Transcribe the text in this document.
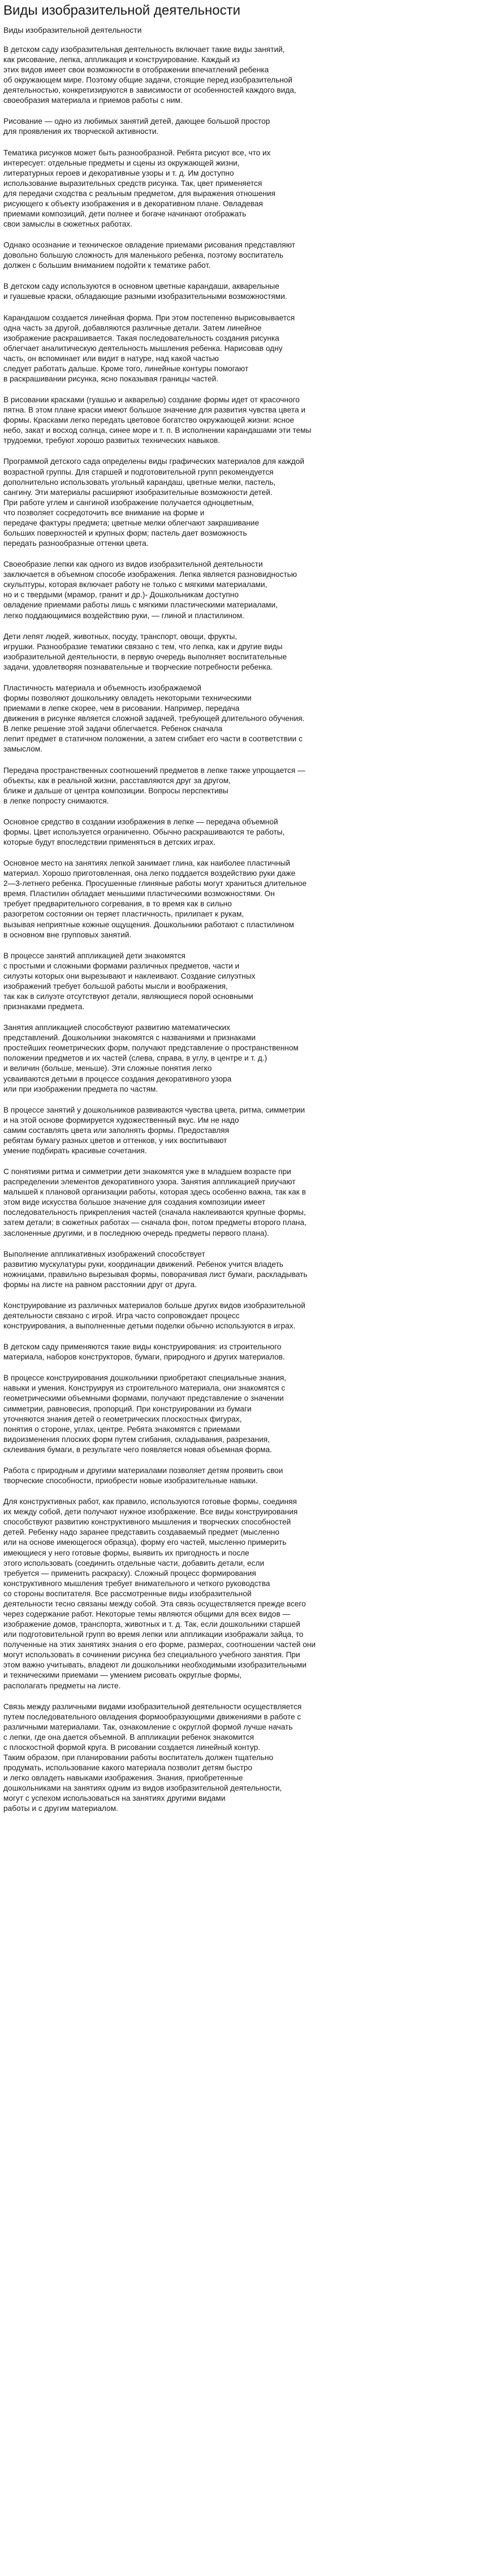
Виды изобразительной деятельности
Виды изобразительной деятельности

В детском саду изобразительная деятельность включает такие виды занятий,
как рисование, лепка, аппликация и конструирование. Каждый из
этих видов имеет свои возможности в отображении впечатлений ребенка
об окружающем мире. Поэтому общие задачи, стоящие перед изобразительной
деятельностью, конкретизируются в зависимости от особенностей каждого вида,
своеобразия материала и приемов работы с ним.

Рисование — одно из любимых занятий детей, дающее большой простор
для проявления их творческой активности.

Тематика рисунков может быть разнообразной. Ребята рисуют все, что их
интересует: отдельные предметы и сцены из окружающей жизни,
литературных героев и декоративные узоры и т. д. Им доступно
использование выразительных средств рисунка. Так, цвет применяется
для передачи сходства с реальным предметом, для выражения отношения
рисующего к объекту изображения и в декоративном плане. Овладевая
приемами композиций, дети полнее и богаче начинают отображать
свои замыслы в сюжетных работах.

Однако осознание и техническое овладение приемами рисования представляют
довольно большую сложность для маленького ребенка, поэтому воспитатель
должен с большим вниманием подойти к тематике работ.

В детском саду используются в основном цветные карандаши, акварельные
и гуашевые краски, обладающие разными изобразительными возможностями.

Карандашом создается линейная форма. При этом постепенно вырисовывается
одна часть за другой, добавляются различные детали. Затем линейное
изображение раскрашивается. Такая последовательность создания рисунка
облегчает аналитическую деятельность мышления ребенка. Нарисовав одну
часть, он вспоминает или видит в натуре, над какой частью
следует работать дальше. Кроме того, линейные контуры помогают
в раскрашивании рисунка, ясно показывая границы частей.

В рисовании красками (гуашью и акварелью) создание формы идет от красочного
пятна. В этом плане краски имеют большое значение для развития чувства цвета и
формы. Красками легко передать цветовое богатство окружающей жизни: ясное
небо, закат и восход солнца, синее море и т. п. В исполнении карандашами эти темы
трудоемки, требуют хорошо развитых технических навыков.

Программой детского сада определены виды графических материалов для каждой
возрастной группы. Для старшей и подготовительной групп рекомендуется
дополнительно использовать угольный карандаш, цветные мелки, пастель,
сангину. Эти материалы расширяют изобразительные возможности детей.
При работе углем и сангиной изображение получается одноцветным,
что позволяет сосредоточить все внимание на форме и
передаче фактуры предмета; цветные мелки облегчают закрашивание
больших поверхностей и крупных форм; пастель дает возможность
передать разнообразные оттенки цвета.

Своеобразие лепки как одного из видов изобразительной деятельности
заключается в объемном способе изображения. Лепка является разновидностью
скульптуры, которая включает работу не только с мягкими материалами,
но и с твердыми (мрамор, гранит и др.)- Дошкольникам доступно
овладение приемами работы лишь с мягкими пластическими материалами,
легко поддающимися воздействию руки, — глиной и пластилином.

Дети лепят людей, животных, посуду, транспорт, овощи, фрукты,
игрушки. Разнообразие тематики связано с тем, что лепка, как и другие виды
изобразительной деятельности, в первую очередь выполняет воспитательные
задачи, удовлетворяя познавательные и творческие потребности ребенка.

Пластичность материала и объемность изображаемой
формы позволяют дошкольнику овладеть некоторыми техническими
приемами в лепке скорее, чем в рисовании. Например, передача
движения в рисунке является сложной задачей, требующей длительного обучения.
В лепке решение этой задачи облегчается. Ребенок сначала
лепит предмет в статичном положении, а затем сгибает его части в соответствии с
замыслом.

Передача пространственных соотношений предметов в лепке также упрощается —
объекты, как в реальной жизни, расставляются друг за другом,
ближе и дальше от центра композиции. Вопросы перспективы
в лепке попросту снимаются.

Основное средство в создании изображения в лепке — передача объемной
формы. Цвет используется ограниченно. Обычно раскрашиваются те работы,
которые будут впоследствии применяться в детских играх.

Основное место на занятиях лепкой занимает глина, как наиболее пластичный
материал. Хорошо приготовленная, она легко поддается воздействию руки даже
2—3-летнего ребенка. Просушенные глиняные работы могут храниться длительное
время. Пластилин обладает меньшими пластическими возможностями. Он
требует предварительного согревания, в то время как в сильно
разогретом состоянии он теряет пластичность, прилипает к рукам,
вызывая неприятные кожные ощущения. Дошкольники работают с пластилином
в основном вне групповых занятий.

В процессе занятий аппликацией дети знакомятся
с простыми и сложными формами различных предметов, части и
силуэты которых они вырезывают и наклеивают. Создание силуэтных
изображений требует большой работы мысли и воображения,
так как в силуэте отсутствуют детали, являющиеся порой основными
признаками предмета.

Занятия аппликацией способствуют развитию математических
представлений. Дошкольники знакомятся с названиями и признаками
простейших геометрических форм, получают представление о пространственном
положении предметов и их частей (слева, справа, в углу, в центре и т. д.)
и величин (больше, меньше). Эти сложные понятия легко
усваиваются детьми в процессе создания декоративного узора
или при изображении предмета по частям.

В процессе занятий у дошкольников развиваются чувства цвета, ритма, симметрии
и на этой основе формируется художественный вкус. Им не надо
самим составлять цвета или заполнять формы. Предоставляя
ребятам бумагу разных цветов и оттенков, у них воспитывают
умение подбирать красивые сочетания.

С понятиями ритма и симметрии дети знакомятся уже в младшем возрасте при
распределении элементов декоративного узора. Занятия аппликацией приучают
малышей к плановой организации работы, которая здесь особенно важна, так как в
этом виде искусства большое значение для создания композиции имеет
последовательность прикрепления частей (сначала наклеиваются крупные формы,
затем детали; в сюжетных работах — сначала фон, потом предметы второго плана,
заслоненные другими, и в последнюю очередь предметы первого плана).

Выполнение аппликативных изображений способствует
развитию мускулатуры руки, координации движений. Ребенок учится владеть
ножницами, правильно вырезывая формы, поворачивая лист бумаги, раскладывать
формы на листе на равном расстоянии друг от друга.

Конструирование из различных материалов больше других видов изобразительной
деятельности связано с игрой. Игра часто сопровождает процесс
конструирования, а выполненные детьми поделки обычно используются в играх.

В детском саду применяются такие виды конструирования: из строительного
материала, наборов конструкторов, бумаги, природного и других материалов.

В процессе конструирования дошкольники приобретают специальные знания,
навыки и умения. Конструируя из строительного материала, они знакомятся с
геометрическими объемными формами, получают представление о значении
симметрии, равновесия, пропорций. При конструировании из бумаги
уточняются знания детей о геометрических плоскостных фигурах,
понятия о стороне, углах, центре. Ребята знакомятся с приемами
видоизменения плоских форм путем сгибания, складывания, разрезания,
склеивания бумаги, в результате чего появляется новая объемная форма.

Работа с природным и другими материалами позволяет детям проявить свои
творческие способности, приобрести новые изобразительные навыки.

Для конструктивных работ, как правило, используются готовые формы, соединяя
их между собой, дети получают нужное изображение. Все виды конструирования
способствуют развитию конструктивного мышления и творческих способностей
детей. Ребенку надо заранее представить создаваемый предмет (мысленно
или на основе имеющегося образца), форму его частей, мысленно примерить
имеющиеся у него готовые формы, выявить их пригодность и после
этого использовать (соединить отдельные части, добавить детали, если
требуется — применить раскраску). Сложный процесс формирования
конструктивного мышления требует внимательного и четкого руководства
со стороны воспитателя. Все рассмотренные виды изобразительной
деятельности тесно связаны между собой. Эта связь осуществляется прежде всего
через содержание работ. Некоторые темы являются общими для всех видов —
изображение домов, транспорта, животных и т. д. Так, если дошкольники старшей
или подготовительной групп во время лепки или аппликации изображали зайца, то
полученные на этих занятиях знания о его форме, размерах, соотношении частей они
могут использовать в сочинении рисунка без специального учебного занятия. При
этом важно учитывать, владеют ли дошкольники необходимыми изобразительными
и техническими приемами — умением рисовать округлые формы,
располагать предметы на листе.

Связь между различными видами изобразительной деятельности осуществляется
путем последовательного овладения формообразующими движениями в работе с
различными материалами. Так, ознакомление с округлой формой лучше начать
с лепки, где она дается объемной. В аппликации ребенок знакомится
с плоскостной формой круга. В рисовании создается линейный контур.
Таким образом, при планировании работы воспитатель должен тщательно
продумать, использование какого материала позволит детям быстро
и легко овладеть навыками изображения. Знания, приобретенные
дошкольниками на занятиях одним из видов изобразительной деятельности,
могут с успехом использоваться на занятиях другими видами
работы и с другим материалом.
